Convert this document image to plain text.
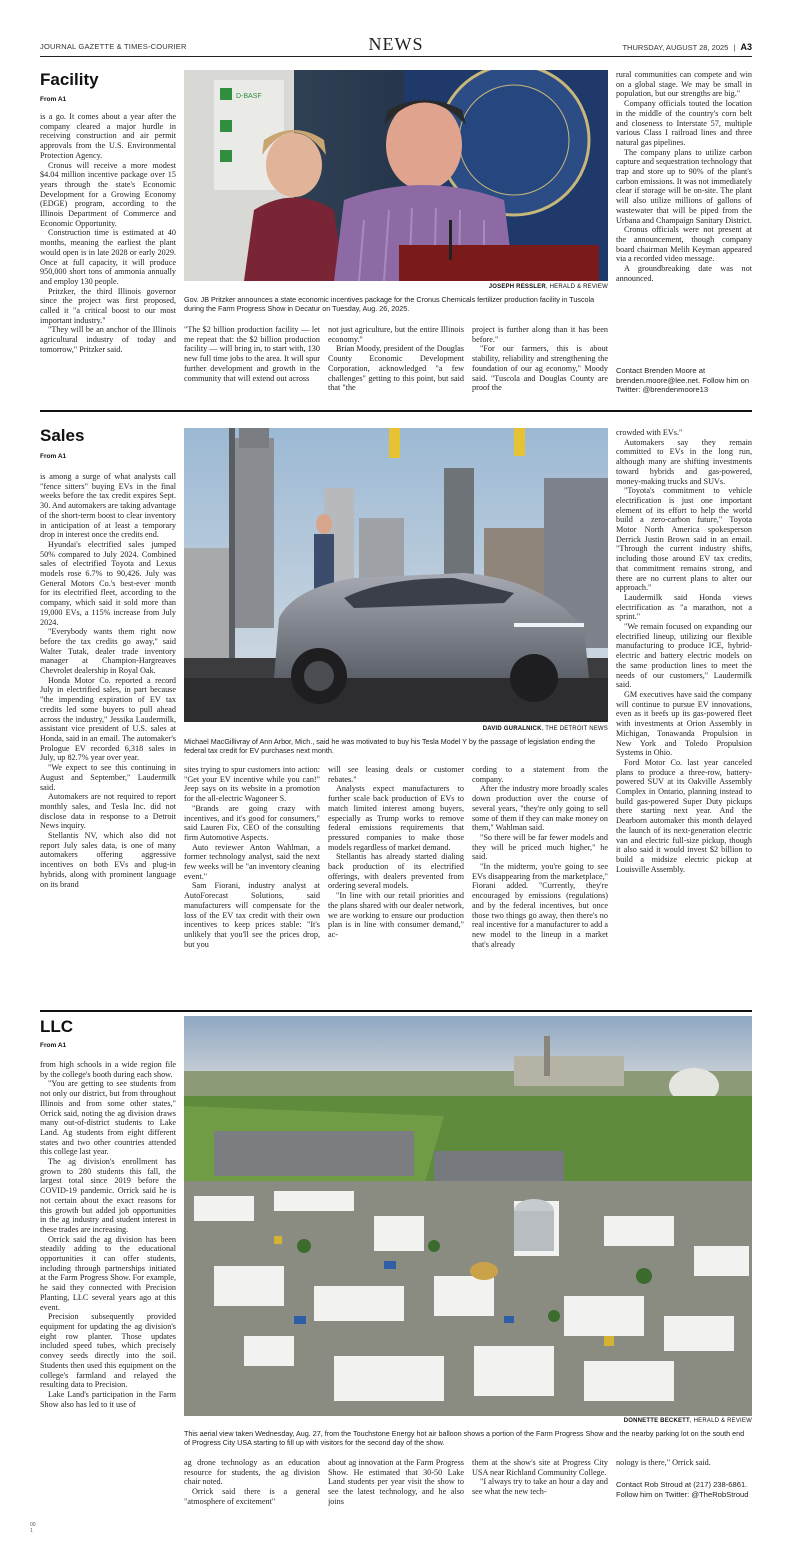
JOURNAL GAZETTE & TIMES-COURIER	NEWS	THURSDAY, AUGUST 28, 2025 | A3
Facility
From A1

is a go. It comes about a year after the company cleared a major hurdle in receiving construction and air permit approvals from the U.S. Environmental Protection Agency.

Cronus will receive a more modest $4.04 million incentive package over 15 years through the state's Economic Development for a Growing Economy (EDGE) program, according to the Illinois Department of Commerce and Economic Opportunity.

Construction time is estimated at 40 months, meaning the earliest the plant would open is in late 2028 or early 2029. Once at full capacity, it will produce 950,000 short tons of ammonia annually and employ 130 people.

Pritzker, the third Illinois governor since the project was first proposed, called it "a critical boost to our most important industry."

"They will be an anchor of the Illinois agricultural industry of today and tomorrow," Pritzker said.

D-BASF
JOSEPH RESSLER, HERALD & REVIEW
Gov. JB Pritzker announces a state economic incentives package for the Cronus Chemicals fertilizer production facility in Tuscola during the Farm Progress Show in Decatur on Tuesday, Aug. 26, 2025.

"The $2 billion production facility — let me repeat that: the $2 billion production facility — will bring in, to start with, 130 new full time jobs to the area. It will spur further development and growth in the community that will extend out across

not just agriculture, but the entire Illinois economy."

Brian Moody, president of the Douglas County Economic Development Corporation, acknowledged "a few challenges" getting to this point, but said that "the

project is further along than it has been before."

"For our farmers, this is about stability, reliability and strengthening the foundation of our ag economy," Moody said. "Tuscola and Douglas County are proof the

rural communities can compete and win on a global stage. We may be small in population, but our strengths are big."

Company officials touted the location in the middle of the country's corn belt and closeness to Interstate 57, multiple various Class I railroad lines and three natural gas pipelines.

The company plans to utilize carbon capture and sequestration technology that trap and store up to 90% of the plant's carbon emissions. It was not immediately clear if storage will be on-site. The plant will also utilize millions of gallons of wastewater that will be piped from the Urbana and Champaign Sanitary District.

Cronus officials were not present at the announcement, though company board chairman Melih Keyman appeared via a recorded video message.

A groundbreaking date was not announced.

Contact Brenden Moore at brenden.moore@lee.net. Follow him on Twitter: @brendenmoore13
Sales
From A1

is among a surge of what analysts call "fence sitters" buying EVs in the final weeks before the tax credit expires Sept. 30. And automakers are taking advantage of the short-term boost to clear inventory in anticipation of at least a temporary drop in interest once the credits end.

Hyundai's electrified sales jumped 50% compared to July 2024. Combined sales of electrified Toyota and Lexus models rose 6.7% to 90,426. July was General Motors Co.'s best-ever month for its electrified fleet, according to the company, which said it sold more than 19,000 EVs, a 115% increase from July 2024.

"Everybody wants them right now before the tax credits go away," said Walter Tutak, dealer trade inventory manager at Champion-Hargreaves Chevrolet dealership in Royal Oak.

Honda Motor Co. reported a record July in electrified sales, in part because "the impending expiration of EV tax credits led some buyers to pull ahead across the industry," Jessika Laudermilk, assistant vice president of U.S. sales at Honda, said in an email. The automaker's Prologue EV recorded 6,318 sales in July, up 82.7% year over year.

"We expect to see this continuing in August and September," Laudermilk said.

Automakers are not required to report monthly sales, and Tesla Inc. did not disclose data in response to a Detroit News inquiry.

Stellantis NV, which also did not report July sales data, is one of many automakers offering aggressive incentives on both EVs and plug-in hybrids, along with prominent language on its brand

DAVID GURALNICK, THE DETROIT NEWS
Michael MacGillivray of Ann Arbor, Mich., said he was motivated to buy his Tesla Model Y by the passage of legislation ending the federal tax credit for EV purchases next month.

sites trying to spur customers into action: "Get your EV incentive while you can!" Jeep says on its website in a promotion for the all-electric Wagoneer S.

"Brands are going crazy with incentives, and it's good for consumers," said Lauren Fix, CEO of the consulting firm Automotive Aspects.

Auto reviewer Anton Wahlman, a former technology analyst, said the next few weeks will be "an inventory cleaning event."

Sam Fiorani, industry analyst at AutoForecast Solutions, said manufacturers will compensate for the loss of the EV tax credit with their own incentives to keep prices stable: "It's unlikely that you'll see the prices drop, but you

will see leasing deals or customer rebates."

Analysts expect manufacturers to further scale back production of EVs to match limited interest among buyers, especially as Trump works to remove federal emissions requirements that pressured companies to make those models regardless of market demand.

Stellantis has already started dialing back production of its electrified offerings, with dealers prevented from ordering several models.

"In line with our retail priorities and the plans shared with our dealer network, we are working to ensure our production plan is in line with consumer demand," ac-

cording to a statement from the company.

After the industry more broadly scales down production over the course of several years, "they're only going to sell some of them if they can make money on them," Wahlman said.

"So there will be far fewer models and they will be priced much higher," he said.

"In the midterm, you're going to see EVs disappearing from the marketplace," Fiorani added. "Currently, they're encouraged by emissions (regulations) and by the federal incentives, but once those two things go away, then there's no real incentive for a manufacturer to add a new model to the lineup in a market that's already

crowded with EVs."

Automakers say they remain committed to EVs in the long run, although many are shifting investments toward hybrids and gas-powered, money-making trucks and SUVs.

"Toyota's commitment to vehicle electrification is just one important element of its effort to help the world build a zero-carbon future," Toyota Motor North America spokesperson Derrick Justin Brown said in an email. "Through the current industry shifts, including those around EV tax credits, that commitment remains strong, and there are no current plans to alter our approach."

Laudermilk said Honda views electrification as "a marathon, not a sprint."

"We remain focused on expanding our electrified lineup, utilizing our flexible manufacturing to produce ICE, hybrid-electric and battery electric models on the same production lines to meet the needs of our customers," Laudermilk said.

GM executives have said the company will continue to pursue EV innovations, even as it beefs up its gas-powered fleet with investments at Orion Assembly in Michigan, Tonawanda Propulsion in New York and Toledo Propulsion Systems in Ohio.

Ford Motor Co. last year canceled plans to produce a three-row, battery-powered SUV at its Oakville Assembly Complex in Ontario, planning instead to build gas-powered Super Duty pickups there starting next year. And the Dearborn automaker this month delayed the launch of its next-generation electric van and electric full-size pickup, though it also said it would invest $2 billion to build a midsize electric pickup at Louisville Assembly.

LLC
From A1

from high schools in a wide region file by the college's booth during each show.

"You are getting to see students from not only our district, but from throughout Illinois and from some other states," Orrick said, noting the ag division draws many out-of-district students to Lake Land. Ag students from eight different states and two other countries attended this college last year.

The ag division's enrollment has grown to 280 students this fall, the largest total since 2019 before the COVID-19 pandemic. Orrick said he is not certain about the exact reasons for this growth but added job opportunities in the ag industry and student interest in these trades are increasing.

Orrick said the ag division has been steadily adding to the educational opportunities it can offer students, including through partnerships initiated at the Farm Progress Show. For example, he said they connected with Precision Planting, LLC several years ago at this event.

Precision subsequently provided equipment for updating the ag division's eight row planter. Those updates included speed tubes, which precisely convey seeds directly into the soil. Students then used this equipment on the college's farmland and relayed the resulting data to Precision.

Lake Land's participation in the Farm Show also has led to it use of

DONNETTE BECKETT, HERALD & REVIEW
This aerial view taken Wednesday, Aug. 27, from the Touchstone Energy hot air balloon shows a portion of the Farm Progress Show and the nearby parking lot on the south end of Progress City USA starting to fill up with visitors for the second day of the show.

ag drone technology as an education resource for students, the ag division chair noted.

Orrick said there is a general "atmosphere of excitement"

about ag innovation at the Farm Progress Show. He estimated that 30-50 Lake Land students per year visit the show to see the latest technology, and he also joins

them at the show's site at Progress City USA near Richland Community College.

"I always try to take an hour a day and see what the new tech-

nology is there," Orrick said.

Contact Rob Stroud at (217) 238-6861. Follow him on Twitter: @TheRobStroud
00
1
